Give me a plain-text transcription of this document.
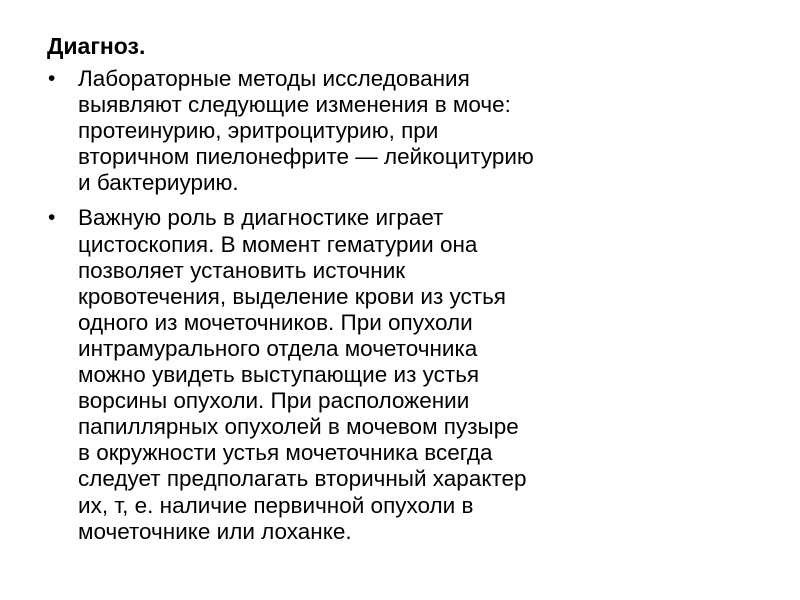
Диагноз.
• Лабораторные методы исследования
выявляют следующие изменения в моче:
протеинурию, эритроцитурию, при
вторичном пиелонефрите — лейкоцитурию
и бактериурию.
• Важную роль в диагностике играет
цистоскопия. В момент гематурии она
позволяет установить источник
кровотечения, выделение крови из устья
одного из мочеточников. При опухоли
интрамурального отдела мочеточника
можно увидеть выступающие из устья
ворсины опухоли. При расположении
папиллярных опухолей в мочевом пузыре
в окружности устья мочеточника всегда
следует предполагать вторичный характер
их, т, е. наличие первичной опухоли в
мочеточнике или лоханке.
